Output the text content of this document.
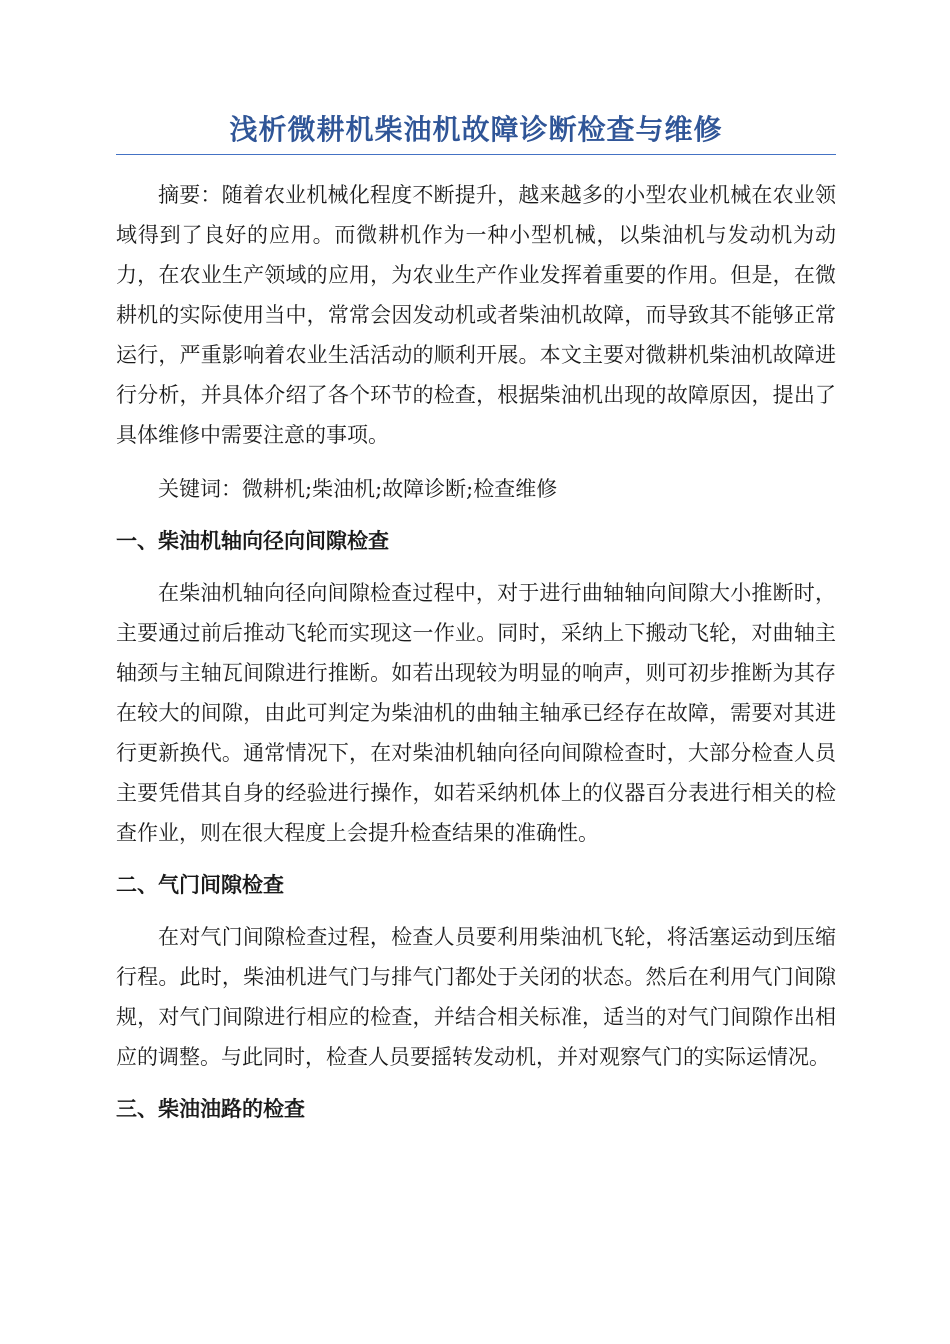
浅析微耕机柴油机故障诊断检查与维修

摘要：随着农业机械化程度不断提升，越来越多的小型农业机械在农业领域得到了良好的应用。而微耕机作为一种小型机械，以柴油机与发动机为动力，在农业生产领域的应用，为农业生产作业发挥着重要的作用。但是，在微耕机的实际使用当中，常常会因发动机或者柴油机故障，而导致其不能够正常运行，严重影响着农业生活活动的顺利开展。本文主要对微耕机柴油机故障进行分析，并具体介绍了各个环节的检查，根据柴油机出现的故障原因，提出了具体维修中需要注意的事项。

关键词：微耕机;柴油机;故障诊断;检查维修

一、柴油机轴向径向间隙检查

在柴油机轴向径向间隙检查过程中，对于进行曲轴轴向间隙大小推断时，主要通过前后推动飞轮而实现这一作业。同时，采纳上下搬动飞轮，对曲轴主轴颈与主轴瓦间隙进行推断。如若出现较为明显的响声，则可初步推断为其存在较大的间隙，由此可判定为柴油机的曲轴主轴承已经存在故障，需要对其进行更新换代。通常情况下，在对柴油机轴向径向间隙检查时，大部分检查人员主要凭借其自身的经验进行操作，如若采纳机体上的仪器百分表进行相关的检查作业，则在很大程度上会提升检查结果的准确性。

二、气门间隙检查

在对气门间隙检查过程，检查人员要利用柴油机飞轮，将活塞运动到压缩行程。此时，柴油机进气门与排气门都处于关闭的状态。然后在利用气门间隙规，对气门间隙进行相应的检查，并结合相关标准，适当的对气门间隙作出相应的调整。与此同时，检查人员要摇转发动机，并对观察气门的实际运情况。

三、柴油油路的检查
